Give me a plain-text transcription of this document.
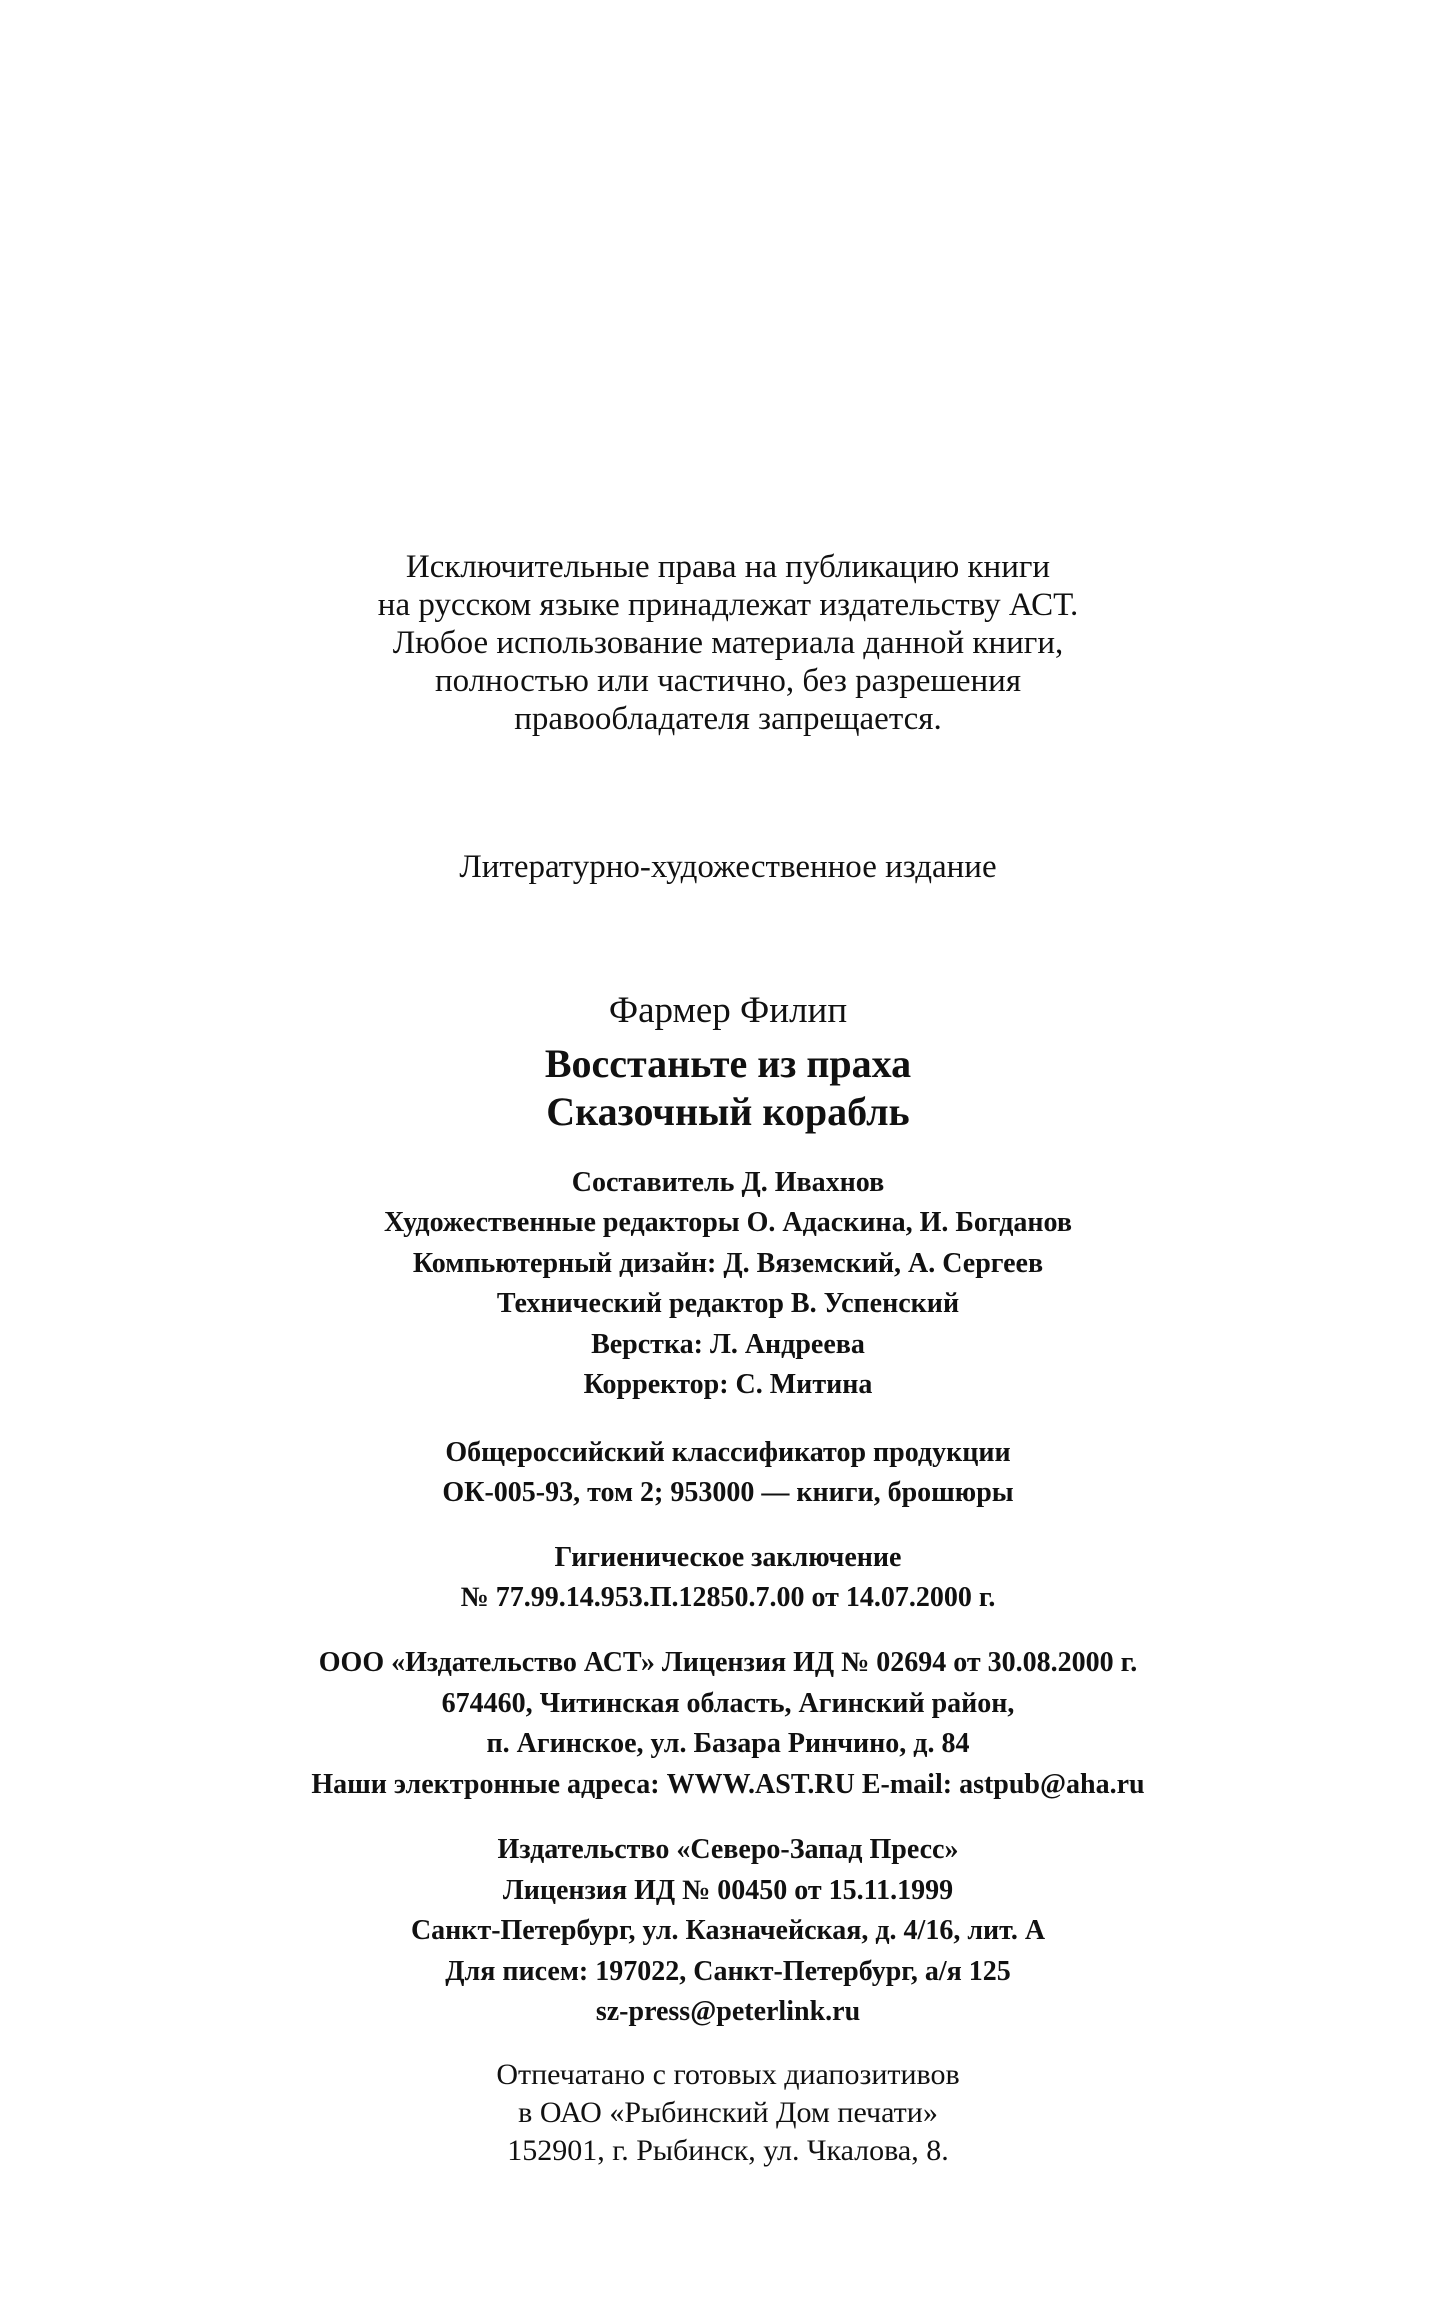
Исключительные права на публикацию книги
на русском языке принадлежат издательству АСТ.
Любое использование материала данной книги,
полностью или частично, без разрешения
правообладателя запрещается.
Литературно-художественное издание
Фармер Филип
Восстаньте из праха
Сказочный корабль
Составитель Д. Ивахнов
Художественные редакторы О. Адаскина, И. Богданов
Компьютерный дизайн: Д. Вяземский, А. Сергеев
Технический редактор В. Успенский
Верстка: Л. Андреева
Корректор: С. Митина
Общероссийский классификатор продукции
ОК-005-93, том 2; 953000 — книги, брошюры
Гигиеническое заключение
№ 77.99.14.953.П.12850.7.00 от 14.07.2000 г.
ООО «Издательство АСТ» Лицензия ИД № 02694 от 30.08.2000 г.
674460, Читинская область, Агинский район,
п. Агинское, ул. Базара Ринчино, д. 84
Наши электронные адреса: WWW.AST.RU E-mail: astpub@aha.ru
Издательство «Северо-Запад Пресс»
Лицензия ИД № 00450 от 15.11.1999
Санкт-Петербург, ул. Казначейская, д. 4/16, лит. А
Для писем: 197022, Санкт-Петербург, а/я 125
sz-press@peterlink.ru
Отпечатано с готовых диапозитивов
в ОАО «Рыбинский Дом печати»
152901, г. Рыбинск, ул. Чкалова, 8.
